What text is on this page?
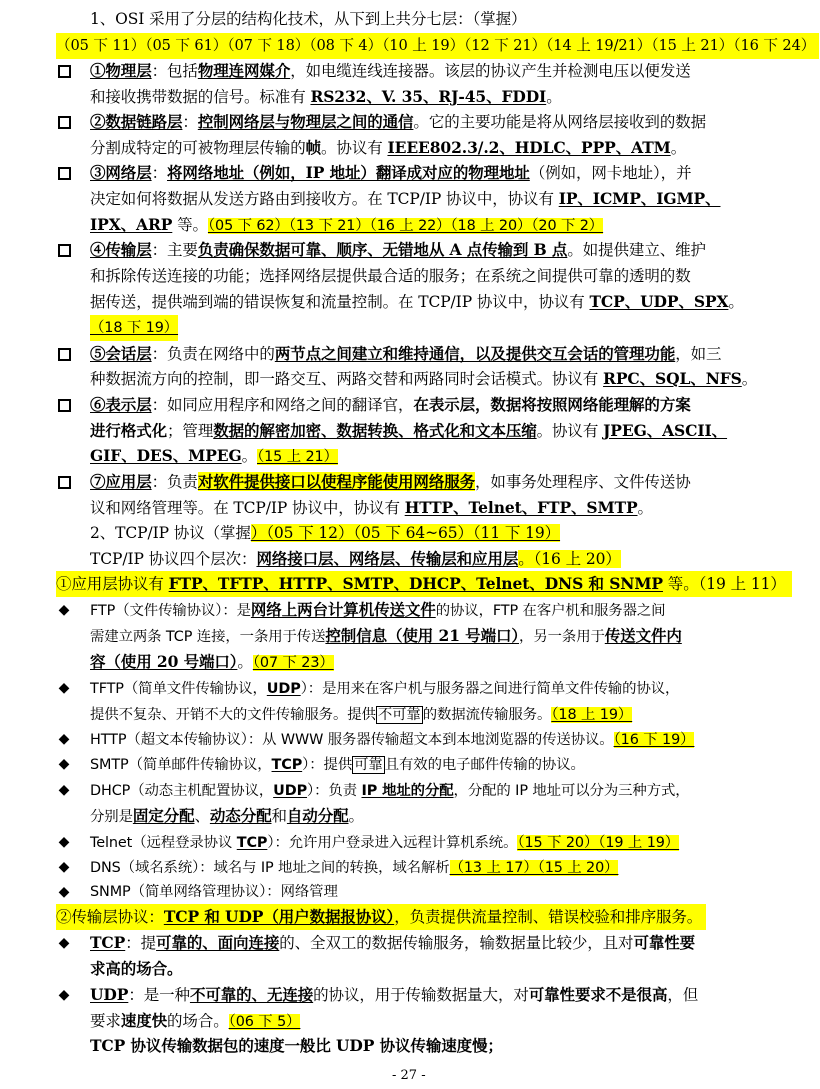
1、OSI 采用了分层的结构化技术，从下到上共分七层：（掌握）
（05 下 11）（05 下 61）（07 下 18）（08 下 4）（10 上 19）（12 下 21）（14 上 19/21）（15 上 21）（16 下 24）
①物理层：包括物理连网媒介，如电缆连线连接器。该层的协议产生并检测电压以便发送
和接收携带数据的信号。标准有 RS232、V. 35、RJ-45、FDDI。
②数据链路层：控制网络层与物理层之间的通信。它的主要功能是将从网络层接收到的数据
分割成特定的可被物理层传输的帧。协议有 IEEE802.3/.2、HDLC、PPP、ATM。
③网络层：将网络地址（例如，IP 地址）翻译成对应的物理地址（例如，网卡地址），并
决定如何将数据从发送方路由到接收方。在 TCP/IP 协议中，协议有 IP、ICMP、IGMP、
IPX、ARP 等。（05 下 62）（13 下 21）（16 上 22）（18 上 20）（20 下 2）
④传输层：主要负责确保数据可靠、顺序、无错地从 A 点传输到 B 点。如提供建立、维护
和拆除传送连接的功能；选择网络层提供最合适的服务；在系统之间提供可靠的透明的数
据传送，提供端到端的错误恢复和流量控制。在 TCP/IP 协议中，协议有 TCP、UDP、SPX。
（18 下 19）
⑤会话层：负责在网络中的两节点之间建立和维持通信，以及提供交互会话的管理功能，如三
种数据流方向的控制，即一路交互、两路交替和两路同时会话模式。协议有 RPC、SQL、NFS。
⑥表示层：如同应用程序和网络之间的翻译官，在表示层，数据将按照网络能理解的方案
进行格式化；管理数据的解密加密、数据转换、格式化和文本压缩。协议有 JPEG、ASCII、
GIF、DES、MPEG。（15 上 21）
⑦应用层：负责对软件提供接口以使程序能使用网络服务，如事务处理程序、文件传送协
议和网络管理等。在 TCP/IP 协议中，协议有 HTTP、Telnet、FTP、SMTP。
2、TCP/IP 协议（掌握）（05 下 12）（05 下 64~65）（11 下 19）
TCP/IP 协议四个层次：网络接口层、网络层、传输层和应用层。（16 上 20）
①应用层协议有 FTP、TFTP、HTTP、SMTP、DHCP、Telnet、DNS 和 SNMP 等。（19 上 11）
◆ FTP（文件传输协议）：是网络上两台计算机传送文件的协议，FTP 在客户机和服务器之间
需建立两条 TCP 连接，一条用于传送控制信息（使用 21 号端口），另一条用于传送文件内
容（使用 20 号端口）。（07 下 23）
◆ TFTP（简单文件传输协议，UDP）：是用来在客户机与服务器之间进行简单文件传输的协议，
提供不复杂、开销不大的文件传输服务。提供 不可靠 的数据流传输服务。（18 上 19）
◆ HTTP（超文本传输协议）：从 WWW 服务器传输超文本到本地浏览器的传送协议。（16 下 19）
◆ SMTP（简单邮件传输协议，TCP）：提供 可靠 且有效的电子邮件传输的协议。
◆ DHCP（动态主机配置协议，UDP）：负责 IP 地址的分配，分配的 IP 地址可以分为三种方式，
分别是固定分配、动态分配和自动分配。
◆ Telnet（远程登录协议 TCP）：允许用户登录进入远程计算机系统。（15 下 20）（19 上 19）
◆ DNS（域名系统）：域名与 IP 地址之间的转换，域名解析（13 上 17）（15 上 20）
◆ SNMP（简单网络管理协议）：网络管理
②传输层协议：TCP 和 UDP（用户数据报协议），负责提供流量控制、错误校验和排序服务。
◆ TCP：提可靠的、面向连接的、全双工的数据传输服务，输数据量比较少，且对可靠性要
求高的场合。
◆ UDP：是一种不可靠的、无连接的协议，用于传输数据量大，对可靠性要求不是很高，但
要求速度快的场合。（06 下 5）
TCP 协议传输数据包的速度一般比 UDP 协议传输速度慢；
- 27 -
